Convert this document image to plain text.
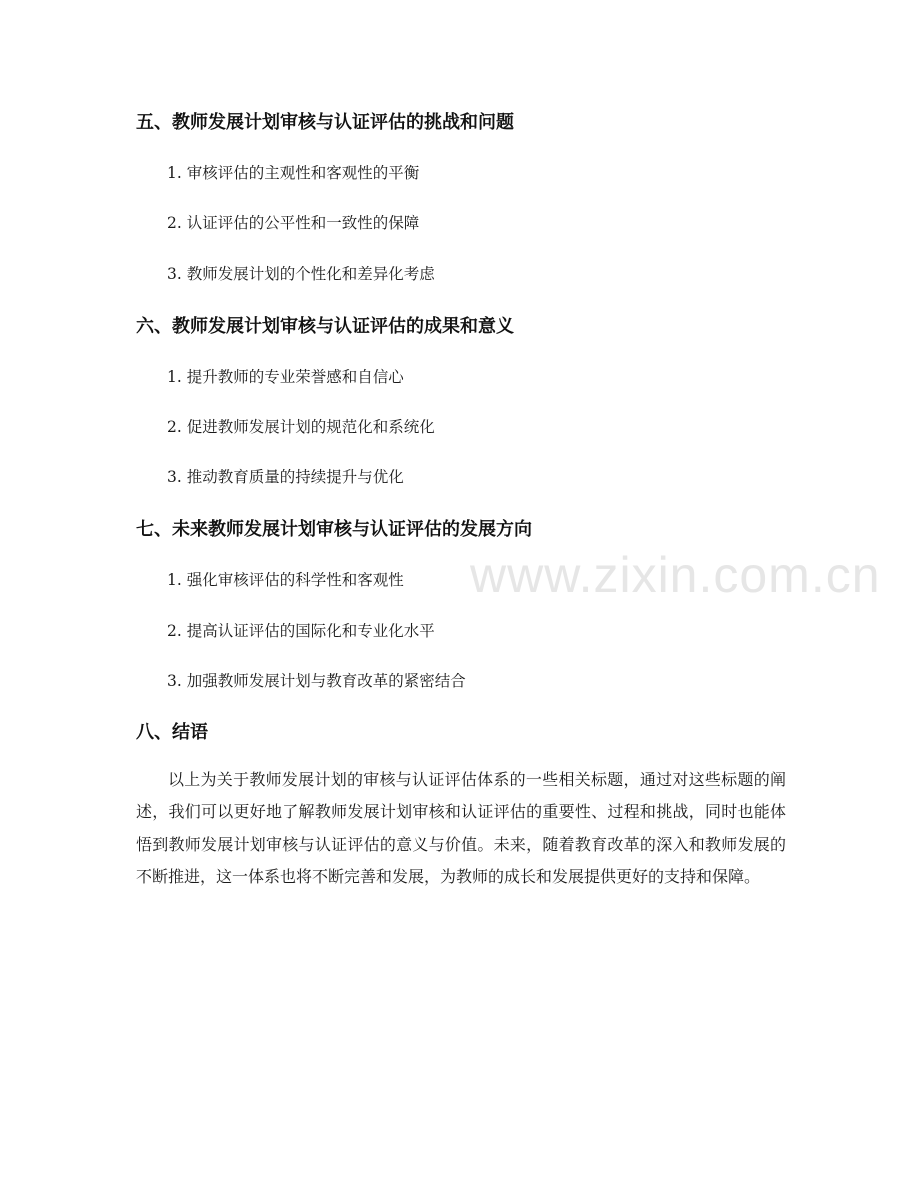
www.zixin.com.cn
五、教师发展计划审核与认证评估的挑战和问题
1. 审核评估的主观性和客观性的平衡
2. 认证评估的公平性和一致性的保障
3. 教师发展计划的个性化和差异化考虑
六、教师发展计划审核与认证评估的成果和意义
1. 提升教师的专业荣誉感和自信心
2. 促进教师发展计划的规范化和系统化
3. 推动教育质量的持续提升与优化
七、未来教师发展计划审核与认证评估的发展方向
1. 强化审核评估的科学性和客观性
2. 提高认证评估的国际化和专业化水平
3. 加强教师发展计划与教育改革的紧密结合
八、结语
以上为关于教师发展计划的审核与认证评估体系的一些相关标题，通过对这些标题的阐述，我们可以更好地了解教师发展计划审核和认证评估的重要性、过程和挑战，同时也能体悟到教师发展计划审核与认证评估的意义与价值。未来，随着教育改革的深入和教师发展的不断推进，这一体系也将不断完善和发展，为教师的成长和发展提供更好的支持和保障。
